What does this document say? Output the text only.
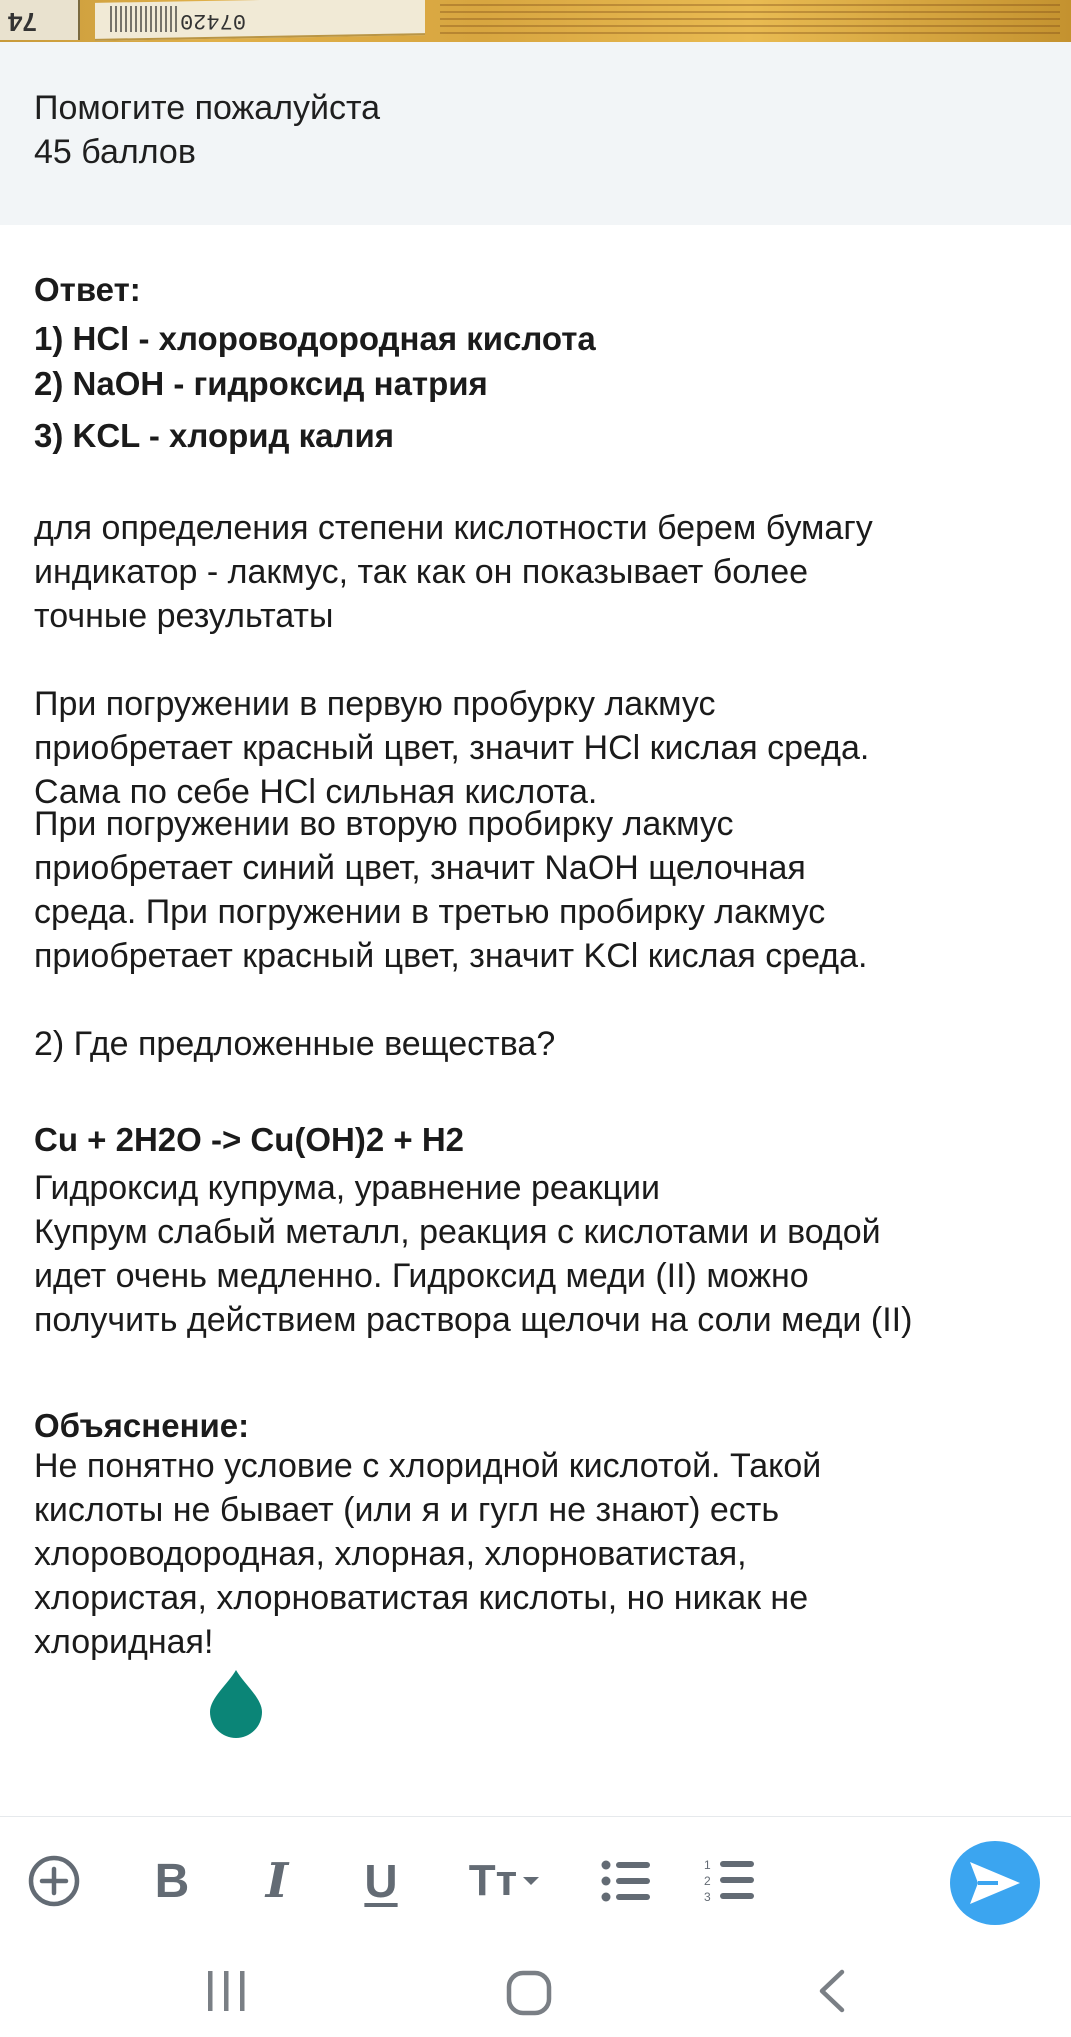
74	07420
Помогите пожалуйста
45 баллов
Ответ:
1) HCl - хлороводородная кислота
2) NaOH - гидроксид натрия
3) KCL - хлорид калия
для определения степени кислотности берем бумагу
индикатор - лакмус, так как он показывает более
точные результаты
При погружении в первую пробурку лакмус
приобретает красный цвет, значит HCl кислая среда.
Сама по себе HCl сильная кислота.
При погружении во вторую пробирку лакмус
приобретает синий цвет, значит NaOH щелочная
среда. При погружении в третью пробирку лакмус
приобретает красный цвет, значит KCl кислая среда.
2) Где предложенные вещества?
Cu + 2H2O -> Cu(OH)2 + H2
Гидроксид купрума, уравнение реакции
Купрум слабый металл, реакция с кислотами и водой
идет очень медленно. Гидроксид меди (II) можно
получить действием раствора щелочи на соли меди (II)
Объяснение:
Не понятно условие с хлоридной кислотой. Такой
кислоты не бывает (или я и гугл не знают) есть
хлороводородная, хлорная, хлорноватистая,
хлористая, хлорноватистая кислоты, но никак не
хлоридная!
B I U Тт	1
2
3
